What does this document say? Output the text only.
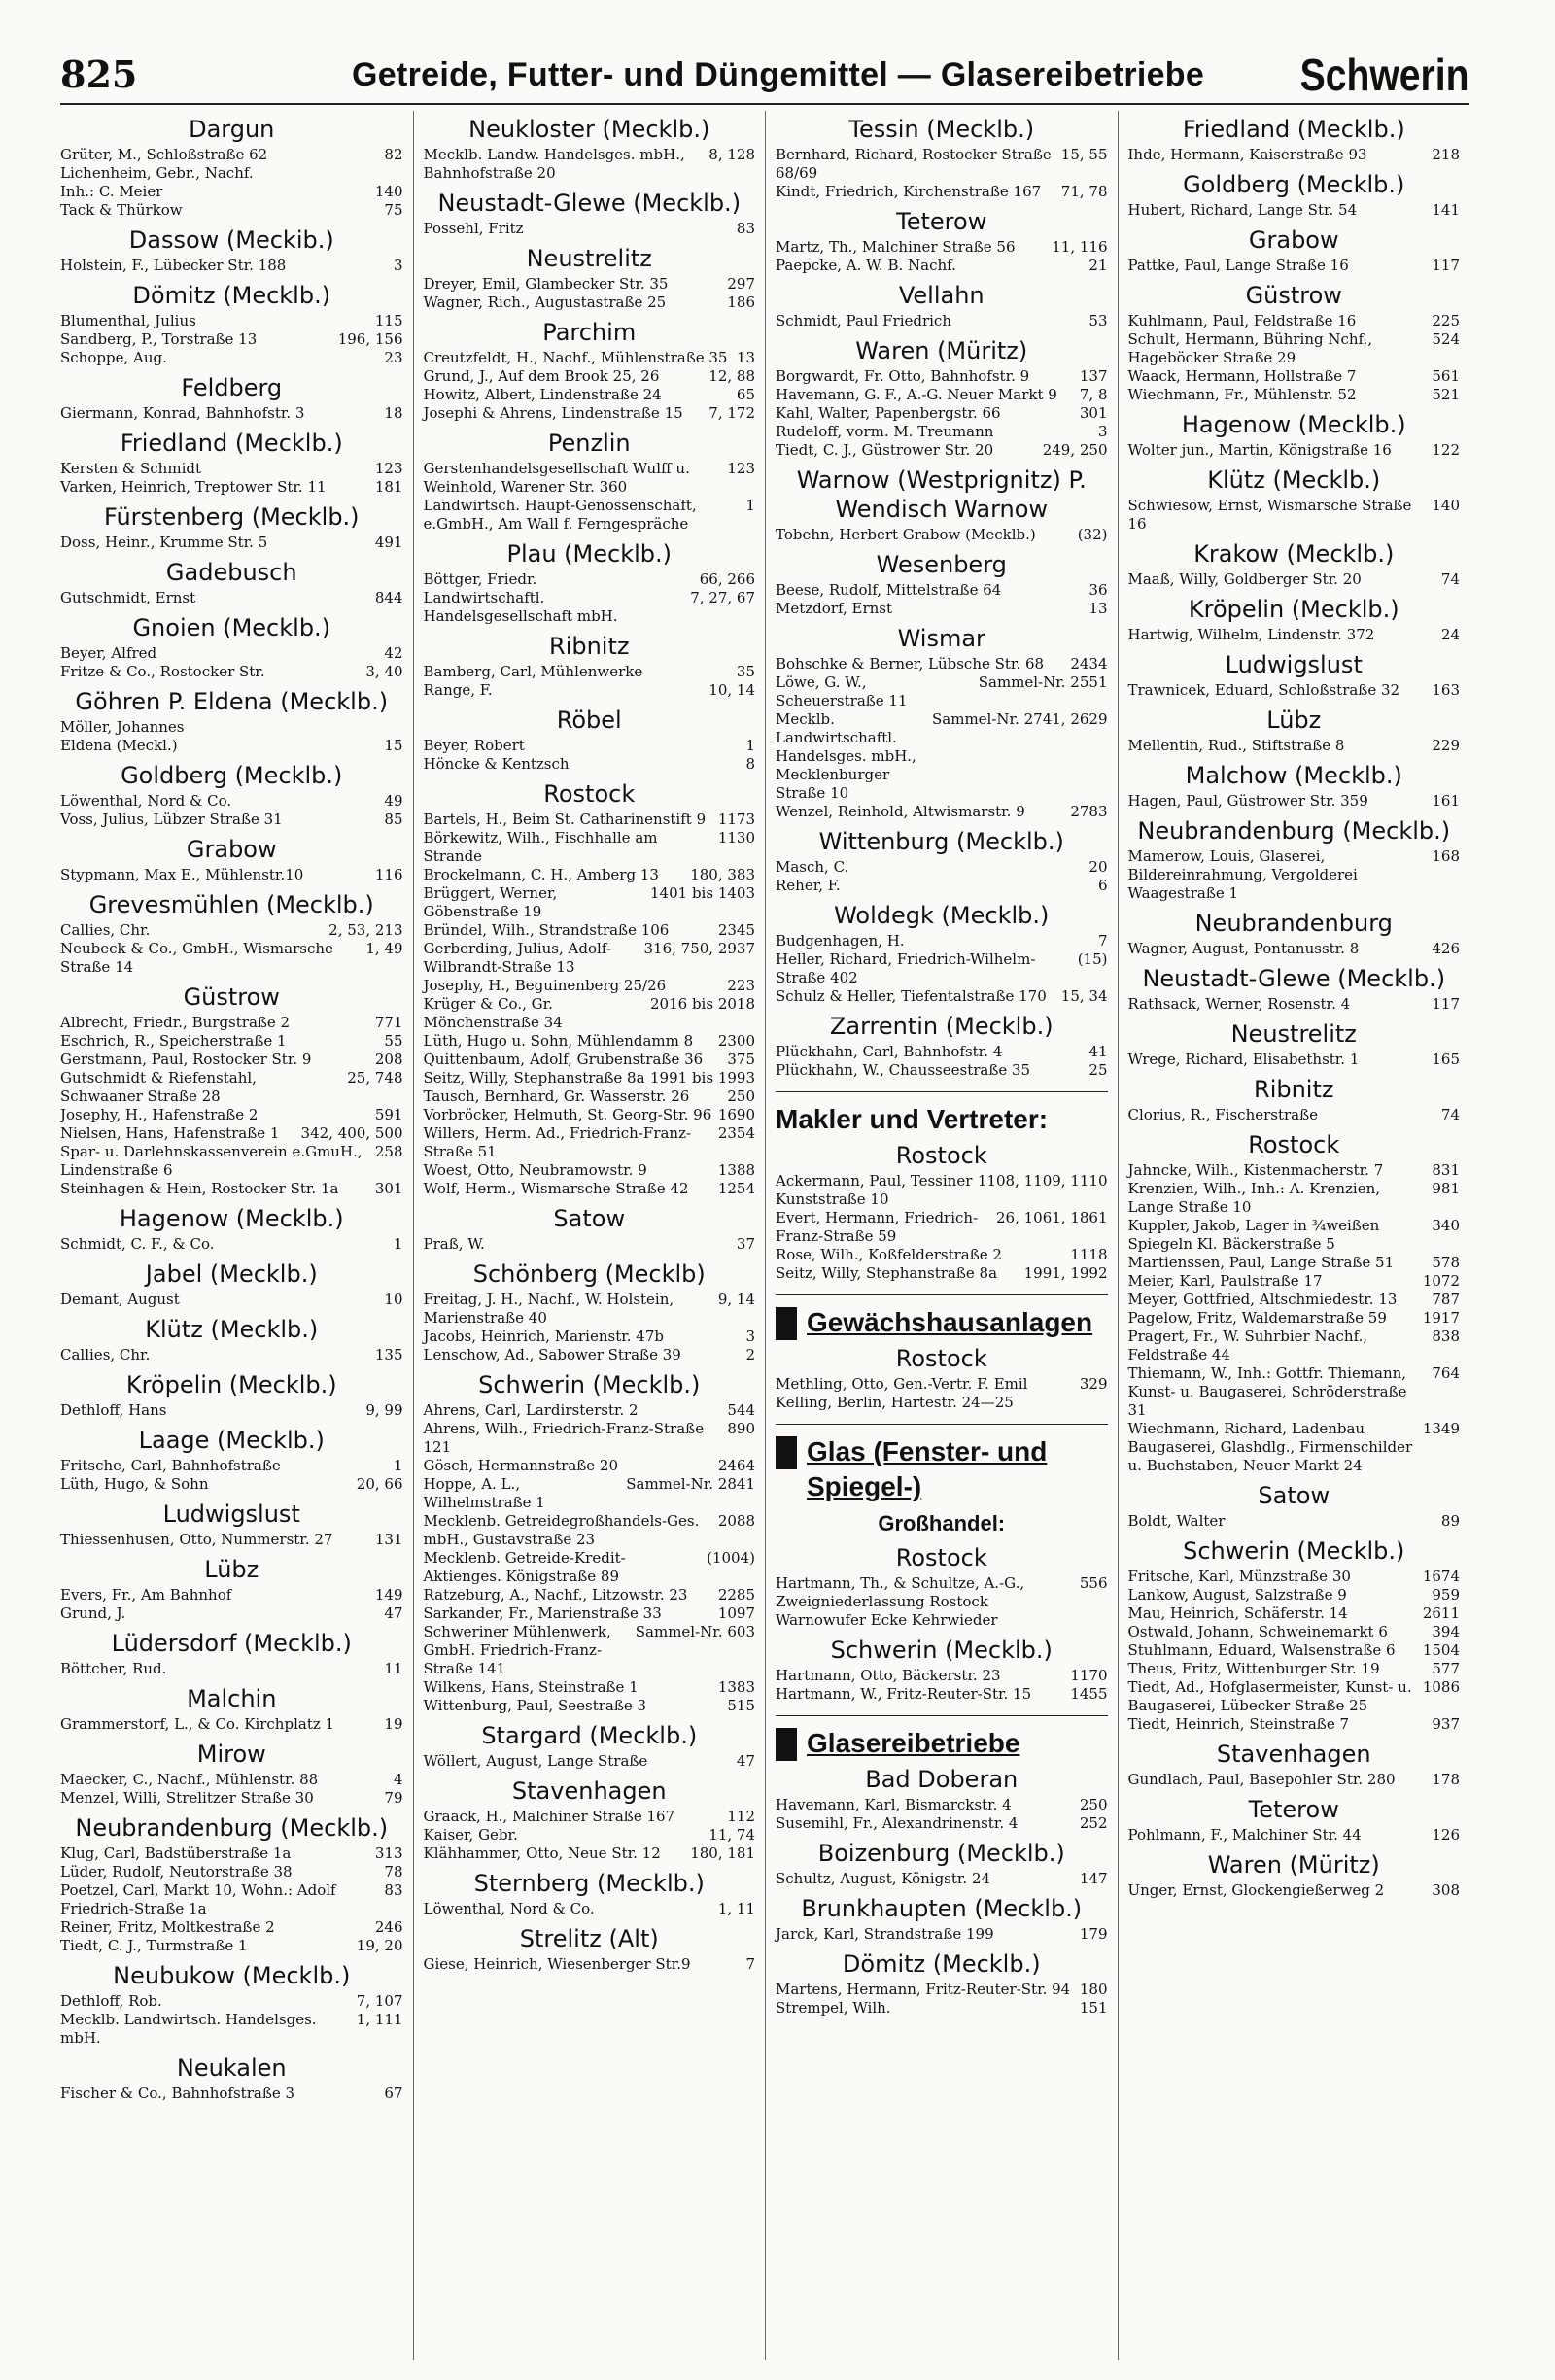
825	Getreide, Futter- und Düngemittel — Glasereibetriebe Schwerin
Dargun
Grüter, M., Schloßstraße 62	82
Lichenheim, Gebr., Nachf.
Inh.: C. Meier	140
Tack & Thürkow	75
Dassow (Meckib.)
Holstein, F., Lübecker Str. 188	3
Dömitz (Mecklb.)
Blumenthal, Julius	115
Sandberg, P., Torstraße 13	196, 156
Schoppe, Aug.	23
Feldberg
Giermann, Konrad, Bahnhofstr. 3	18
Friedland (Mecklb.)
Kersten & Schmidt	123
Varken, Heinrich, Treptower Str. 11	181
Fürstenberg (Mecklb.)
Doss, Heinr., Krumme Str. 5	491
Gadebusch
Gutschmidt, Ernst	844
Gnoien (Mecklb.)
Beyer, Alfred	42
Fritze & Co., Rostocker Str.	3, 40
Göhren P. Eldena (Mecklb.)
Möller, Johannes
Eldena (Meckl.)	15
Goldberg (Mecklb.)
Löwenthal, Nord & Co.	49
Voss, Julius, Lübzer Straße 31	85
Grabow
Stypmann, Max E., Mühlenstr.10	116
Grevesmühlen (Mecklb.)
Callies, Chr.	2, 53, 213
Neubeck & Co., GmbH., Wismarsche Straße 14
1, 49
Güstrow
Albrecht, Friedr., Burgstraße 2	771
Eschrich, R., Speicherstraße 1	55
Gerstmann, Paul, Rostocker Str. 9	208
Gutschmidt & Riefenstahl, Schwaaner Straße 28
25, 748
Josephy, H., Hafenstraße 2	591
Nielsen, Hans, Hafenstraße 1	342, 400, 500
Spar- u. Darlehnskassenverein e.GmuH., Lindenstraße 6
258
Steinhagen & Hein, Rostocker Str. 1a	301
Hagenow (Mecklb.)
Schmidt, C. F., & Co.	1
Jabel (Mecklb.)
Demant, August	10
Klütz (Mecklb.)
Callies, Chr.	135
Kröpelin (Mecklb.)
Dethloff, Hans	9, 99
Laage (Mecklb.)
Fritsche, Carl, Bahnhofstraße	1
Lüth, Hugo, & Sohn	20, 66
Ludwigslust
Thiessenhusen, Otto, Nummerstr. 27	131
Lübz
Evers, Fr., Am Bahnhof	149
Grund, J.	47
Lüdersdorf (Mecklb.)
Böttcher, Rud.	11
Malchin
Grammerstorf, L., & Co. Kirchplatz 1	19
Mirow
Maecker, C., Nachf., Mühlenstr. 88	4
Menzel, Willi, Strelitzer Straße 30	79
Neubrandenburg (Mecklb.)
Klug, Carl, Badstüberstraße 1a	313
Lüder, Rudolf, Neutorstraße 38	78
Poetzel, Carl, Markt 10, Wohn.: Adolf Friedrich-Straße 1a
83
Reiner, Fritz, Moltkestraße 2	246
Tiedt, C. J., Turmstraße 1	19, 20
Neubukow (Mecklb.)
Dethloff, Rob.	7, 107
Mecklb. Landwirtsch. Handelsges. mbH.
1, 111
Neukalen
Fischer & Co., Bahnhofstraße 3	67
Neukloster (Mecklb.)
Mecklb. Landw. Handelsges. mbH., Bahnhofstraße 20
8, 128
Neustadt-Glewe (Mecklb.)
Possehl, Fritz	83
Neustrelitz
Dreyer, Emil, Glambecker Str. 35	297
Wagner, Rich., Augustastraße 25	186
Parchim
Creutzfeldt, H., Nachf., Mühlenstraße 35 13
Grund, J., Auf dem Brook 25, 26	12, 88
Howitz, Albert, Lindenstraße 24	65
Josephi & Ahrens, Lindenstraße 15	7, 172
Penzlin
Gerstenhandelsgesellschaft Wulff u. Weinhold, Warener Str. 360
123
Landwirtsch. Haupt-Genossenschaft, e.GmbH., Am Wall f. Ferngespräche
1
Plau (Mecklb.)
Böttger, Friedr.	66, 266
Landwirtschaftl. Handelsgesellschaft mbH.
7, 27, 67
Ribnitz
Bamberg, Carl, Mühlenwerke	35
Range, F.	10, 14
Röbel
Beyer, Robert	1
Höncke & Kentzsch	8
Rostock
Bartels, H., Beim St. Catharinenstift 9 1173
Börkewitz, Wilh., Fischhalle am Strande
1130
Brockelmann, C. H., Amberg 13	180, 383
Brüggert, Werner, Göbenstraße 19
1401 bis 1403
Bründel, Wilh., Strandstraße 106	2345
Gerberding, Julius, Adolf-Wilbrandt-Straße 13
316, 750, 2937
Josephy, H., Beguinenberg 25/26	223
Krüger & Co., Gr. Mönchenstraße 34
2016 bis 2018
Lüth, Hugo u. Sohn, Mühlendamm 8	2300
Quittenbaum, Adolf, Grubenstraße 36	375
Seitz, Willy, Stephanstraße 8a 1991 bis 1993
Tausch, Bernhard, Gr. Wasserstr. 26	250
Vorbröcker, Helmuth, St. Georg-Str. 96 1690
Willers, Herm. Ad., Friedrich-Franz-Straße 51
2354
Woest, Otto, Neubramowstr. 9	1388
Wolf, Herm., Wismarsche Straße 42	1254
Satow
Praß, W.	37
Schönberg (Mecklb)
Freitag, J. H., Nachf., W. Holstein, Marienstraße 40
9, 14
Jacobs, Heinrich, Marienstr. 47b	3
Lenschow, Ad., Sabower Straße 39	2
Schwerin (Mecklb.)
Ahrens, Carl, Lardirsterstr. 2	544
Ahrens, Wilh., Friedrich-Franz-Straße 121
890
Gösch, Hermannstraße 20	2464
Hoppe, A. L., Wilhelmstraße 1
Sammel-Nr. 2841
Mecklenb. Getreidegroßhandels-Ges. mbH., Gustavstraße 23
2088
Mecklenb. Getreide-Kredit-Aktienges. Königstraße 89
(1004)
Ratzeburg, A., Nachf., Litzowstr. 23	2285
Sarkander, Fr., Marienstraße 33	1097
Schweriner Mühlenwerk, GmbH. Friedrich-Franz-Straße 141
Sammel-Nr. 603
Wilkens, Hans, Steinstraße 1	1383
Wittenburg, Paul, Seestraße 3	515
Stargard (Mecklb.)
Wöllert, August, Lange Straße	47
Stavenhagen
Graack, H., Malchiner Straße 167	112
Kaiser, Gebr.	11, 74
Klähhammer, Otto, Neue Str. 12	180, 181
Sternberg (Mecklb.)
Löwenthal, Nord & Co.	1, 11
Strelitz (Alt)
Giese, Heinrich, Wiesenberger Str.9	7
Tessin (Mecklb.)
Bernhard, Richard, Rostocker Straße 68/69
15, 55
Kindt, Friedrich, Kirchenstraße 167	71, 78
Teterow
Martz, Th., Malchiner Straße 56	11, 116
Paepcke, A. W. B. Nachf.	21
Vellahn
Schmidt, Paul Friedrich	53
Waren (Müritz)
Borgwardt, Fr. Otto, Bahnhofstr. 9	137
Havemann, G. F., A.-G. Neuer Markt 9	7, 8
Kahl, Walter, Papenbergstr. 66	301
Rudeloff, vorm. M. Treumann	3
Tiedt, C. J., Güstrower Str. 20	249, 250
Warnow (Westprignitz) P. Wendisch Warnow
Tobehn, Herbert Grabow (Mecklb.)	(32)
Wesenberg
Beese, Rudolf, Mittelstraße 64	36
Metzdorf, Ernst	13
Wismar
Bohschke & Berner, Lübsche Str. 68	2434
Löwe, G. W., Scheuerstraße 11
Sammel-Nr. 2551
Mecklb. Landwirtschaftl. Handelsges. mbH., Mecklenburger Straße 10
Sammel-Nr. 2741, 2629
Wenzel, Reinhold, Altwismarstr. 9	2783
Wittenburg (Mecklb.)
Masch, C.	20
Reher, F.	6
Woldegk (Mecklb.)
Budgenhagen, H.	7
Heller, Richard, Friedrich-Wilhelm-Straße 402
(15)
Schulz & Heller, Tiefentalstraße 170	15, 34
Zarrentin (Mecklb.)
Plückhahn, Carl, Bahnhofstr. 4	41
Plückhahn, W., Chausseestraße 35	25
Makler und Vertreter:
Rostock
Ackermann, Paul, Tessiner Kunststraße 10
1108, 1109, 1110
Evert, Hermann, Friedrich-Franz-Straße 59
26, 1061, 1861
Rose, Wilh., Koßfelderstraße 2	1118
Seitz, Willy, Stephanstraße 8a	1991, 1992
Gewächshausanlagen
Rostock
Methling, Otto, Gen.-Vertr. F. Emil Kelling, Berlin, Hartestr. 24—25
329
Glas (Fenster- und Spiegel-)
Großhandel:
Rostock
Hartmann, Th., & Schultze, A.-G., Zweigniederlassung Rostock Warnowufer Ecke Kehrwieder
556
Schwerin (Mecklb.)
Hartmann, Otto, Bäckerstr. 23	1170
Hartmann, W., Fritz-Reuter-Str. 15	1455
Glasereibetriebe
Bad Doberan
Havemann, Karl, Bismarckstr. 4	250
Susemihl, Fr., Alexandrinenstr. 4	252
Boizenburg (Mecklb.)
Schultz, August, Königstr. 24	147
Brunkhaupten (Mecklb.)
Jarck, Karl, Strandstraße 199	179
Dömitz (Mecklb.)
Martens, Hermann, Fritz-Reuter-Str. 94 180
Strempel, Wilh.	151
Friedland (Mecklb.)
Ihde, Hermann, Kaiserstraße 93	218
Goldberg (Mecklb.)
Hubert, Richard, Lange Str. 54	141
Grabow
Pattke, Paul, Lange Straße 16	117
Güstrow
Kuhlmann, Paul, Feldstraße 16	225
Schult, Hermann, Bühring Nchf., Hageböcker Straße 29
524
Waack, Hermann, Hollstraße 7	561
Wiechmann, Fr., Mühlenstr. 52	521
Hagenow (Mecklb.)
Wolter jun., Martin, Königstraße 16	122
Klütz (Mecklb.)
Schwiesow, Ernst, Wismarsche Straße 16
140
Krakow (Mecklb.)
Maaß, Willy, Goldberger Str. 20	74
Kröpelin (Mecklb.)
Hartwig, Wilhelm, Lindenstr. 372	24
Ludwigslust
Trawnicek, Eduard, Schloßstraße 32	163
Lübz
Mellentin, Rud., Stiftstraße 8	229
Malchow (Mecklb.)
Hagen, Paul, Güstrower Str. 359	161
Neubrandenburg (Mecklb.)
Mamerow, Louis, Glaserei, Bildereinrahmung, Vergolderei Waagestraße 1
168
Neubrandenburg
Wagner, August, Pontanusstr. 8	426
Neustadt-Glewe (Mecklb.)
Rathsack, Werner, Rosenstr. 4	117
Neustrelitz
Wrege, Richard, Elisabethstr. 1	165
Ribnitz
Clorius, R., Fischerstraße	74
Rostock
Jahncke, Wilh., Kistenmacherstr. 7	831
Krenzien, Wilh., Inh.: A. Krenzien, Lange Straße 10
981
Kuppler, Jakob, Lager in ¾weißen Spiegeln Kl. Bäckerstraße 5
340
Martienssen, Paul, Lange Straße 51	578
Meier, Karl, Paulstraße 17	1072
Meyer, Gottfried, Altschmiedestr. 13	787
Pagelow, Fritz, Waldemarstraße 59	1917
Pragert, Fr., W. Suhrbier Nachf., Feldstraße 44
838
Thiemann, W., Inh.: Gottfr. Thiemann, Kunst- u. Baugaserei, Schröderstraße 31
764
Wiechmann, Richard, Ladenbau Baugaserei, Glashdlg., Firmenschilder u. Buchstaben, Neuer Markt 24
1349
Satow
Boldt, Walter	89
Schwerin (Mecklb.)
Fritsche, Karl, Münzstraße 30	1674
Lankow, August, Salzstraße 9	959
Mau, Heinrich, Schäferstr. 14	2611
Ostwald, Johann, Schweinemarkt 6	394
Stuhlmann, Eduard, Walsenstraße 6	1504
Theus, Fritz, Wittenburger Str. 19	577
Tiedt, Ad., Hofglasermeister, Kunst- u. Baugaserei, Lübecker Straße 25
1086
Tiedt, Heinrich, Steinstraße 7	937
Stavenhagen
Gundlach, Paul, Basepohler Str. 280	178
Teterow
Pohlmann, F., Malchiner Str. 44	126
Waren (Müritz)
Unger, Ernst, Glockengießerweg 2	308
